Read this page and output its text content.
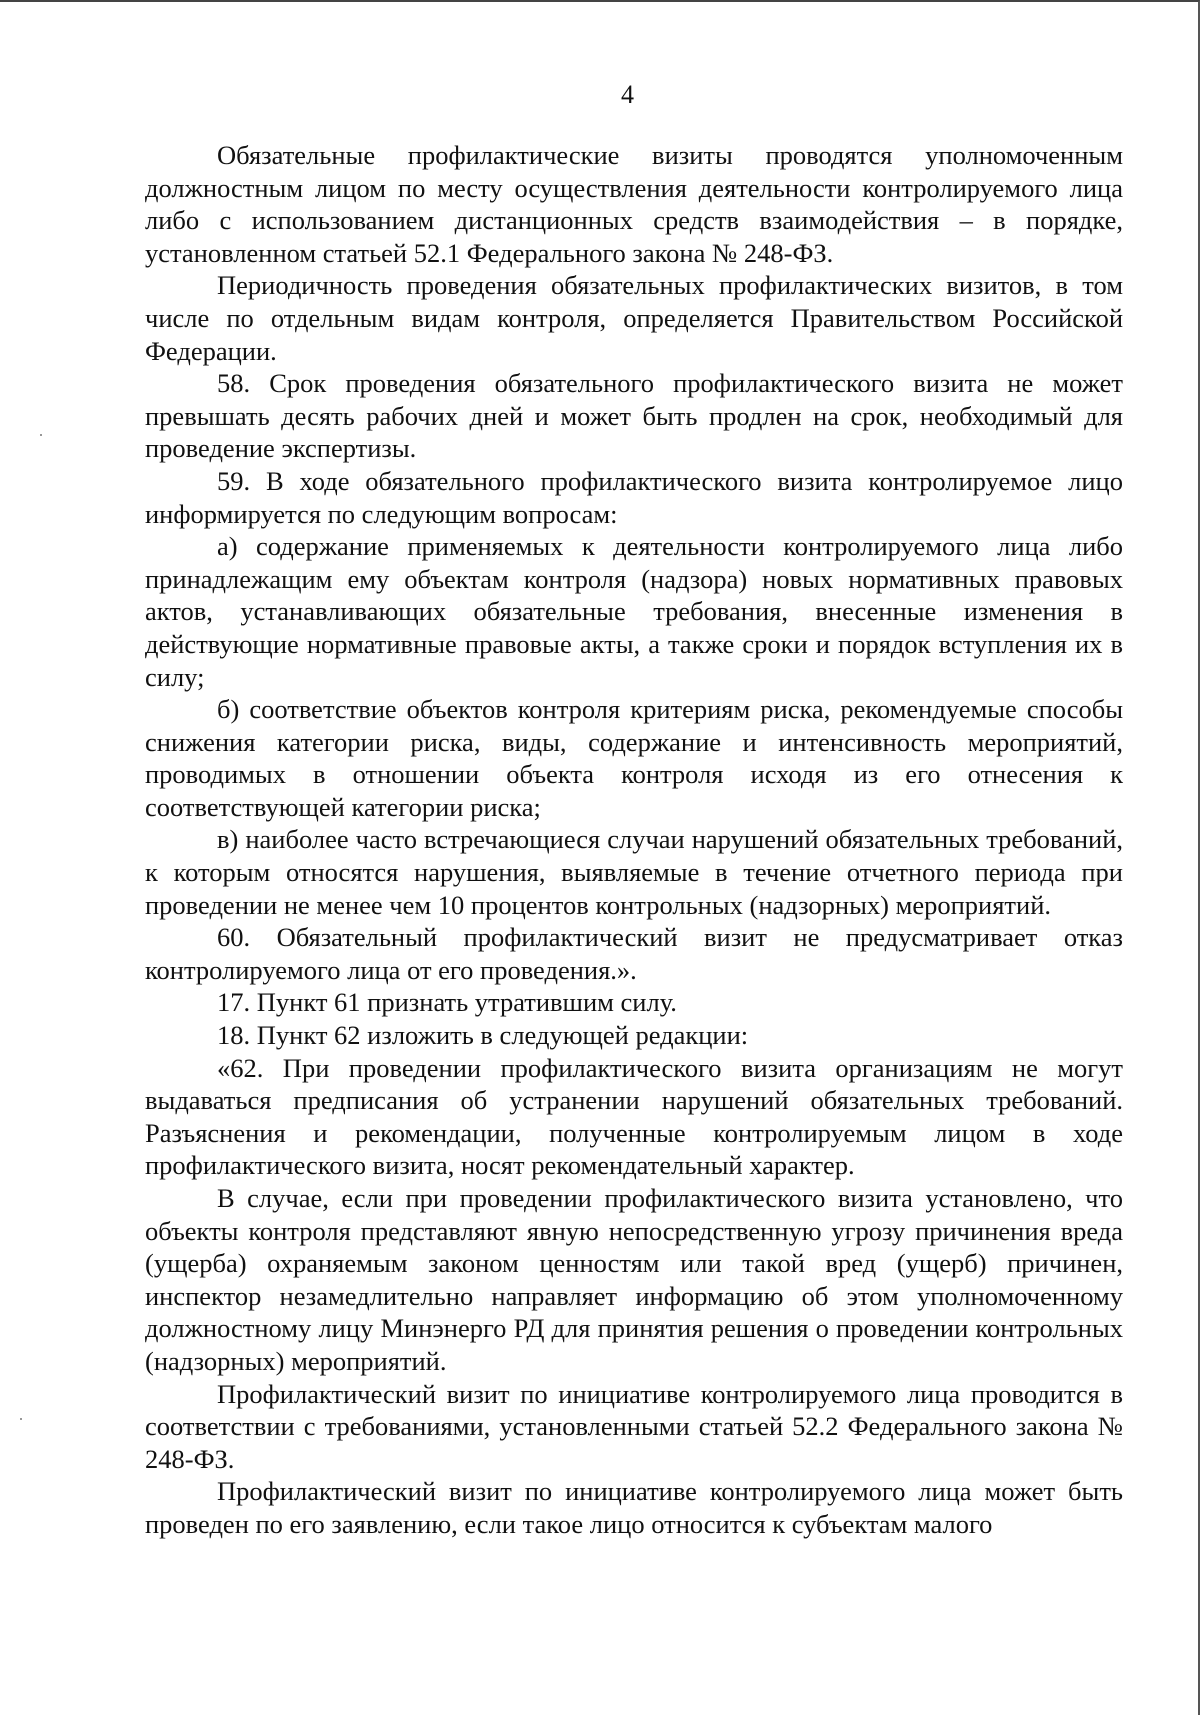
4

Обязательные профилактические визиты проводятся уполномоченным должностным лицом по месту осуществления деятельности контролируемого лица либо с использованием дистанционных средств взаимодействия – в порядке, установленном статьей 52.1 Федерального закона № 248-ФЗ.

Периодичность проведения обязательных профилактических визитов, в том числе по отдельным видам контроля, определяется Правительством Российской Федерации.

58. Срок проведения обязательного профилактического визита не может превышать десять рабочих дней и может быть продлен на срок, необходимый для проведение экспертизы.

59. В ходе обязательного профилактического визита контролируемое лицо информируется по следующим вопросам:

а) содержание применяемых к деятельности контролируемого лица либо принадлежащим ему объектам контроля (надзора) новых нормативных правовых актов, устанавливающих обязательные требования, внесенные изменения в действующие нормативные правовые акты, а также сроки и порядок вступления их в силу;

б) соответствие объектов контроля критериям риска, рекомендуемые способы снижения категории риска, виды, содержание и интенсивность мероприятий, проводимых в отношении объекта контроля исходя из его отнесения к соответствующей категории риска;

в) наиболее часто встречающиеся случаи нарушений обязательных требований, к которым относятся нарушения, выявляемые в течение отчетного периода при проведении не менее чем 10 процентов контрольных (надзорных) мероприятий.

60. Обязательный профилактический визит не предусматривает отказ контролируемого лица от его проведения.».

17. Пункт 61 признать утратившим силу.

18. Пункт 62 изложить в следующей редакции:

«62. При проведении профилактического визита организациям не могут выдаваться предписания об устранении нарушений обязательных требований. Разъяснения и рекомендации, полученные контролируемым лицом в ходе профилактического визита, носят рекомендательный характер.

В случае, если при проведении профилактического визита установлено, что объекты контроля представляют явную непосредственную угрозу причинения вреда (ущерба) охраняемым законом ценностям или такой вред (ущерб) причинен, инспектор незамедлительно направляет информацию об этом уполномоченному должностному лицу Минэнерго РД для принятия решения о проведении контрольных (надзорных) мероприятий.

Профилактический визит по инициативе контролируемого лица проводится в соответствии с требованиями, установленными статьей 52.2 Федерального закона № 248-ФЗ.

Профилактический визит по инициативе контролируемого лица может быть проведен по его заявлению, если такое лицо относится к субъектам малого
